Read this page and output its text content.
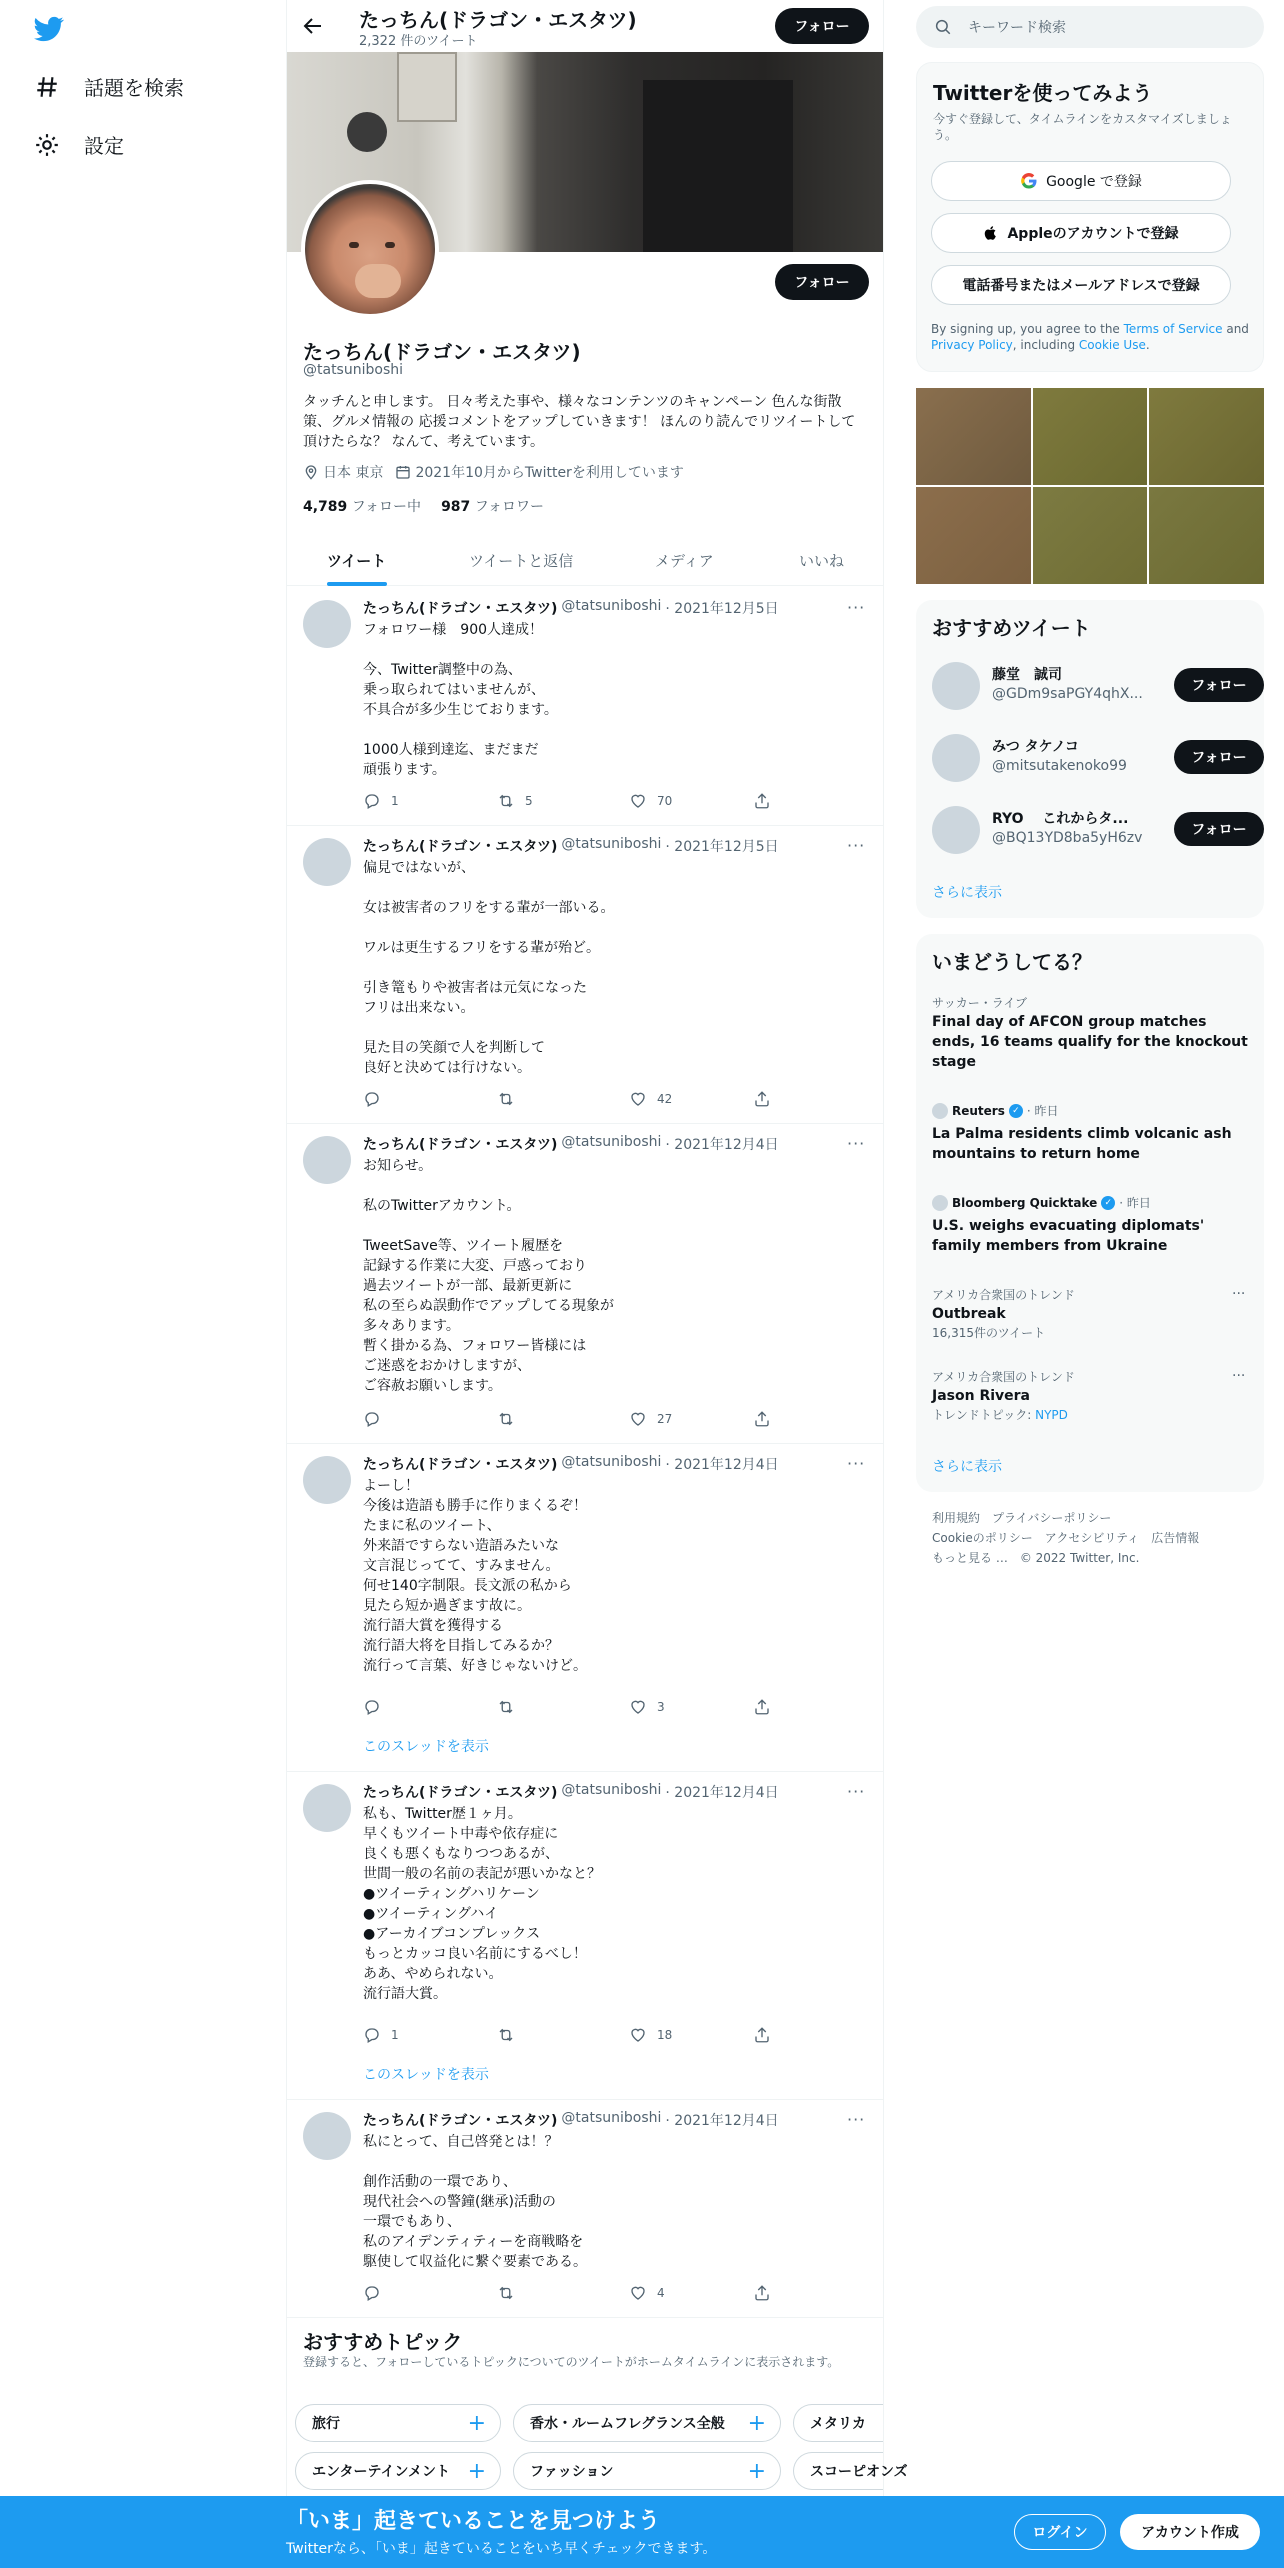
話題を検索
設定
たっちん(ドラゴン・エスタツ)
2,322 件のツイート
フォロー
フォロー
たっちん(ドラゴン・エスタツ)
@tatsuniboshi
タッチんと申します。 日々考えた事や、様々なコンテンツのキャンペーン 色んな街散策、グルメ情報の 応援コメントをアップしていきます！ ほんのり読んでリツイートして頂けたらな？ なんて、考えています。
日本 東京 2021年10月からTwitterを利用しています
4,789 フォロー中 987 フォロワー
ツイート	ツイートと返信	メディア	いいね
たっちん(ドラゴン・エスタツ) @tatsuniboshi · 2021年12月5日	···
フォロワー様　900人達成！

今、Twitter調整中の為、
乗っ取られてはいませんが、
不具合が多少生じております。

1000人様到達迄、まだまだ
頑張ります。
1	5	70
たっちん(ドラゴン・エスタツ) @tatsuniboshi · 2021年12月5日	···
偏見ではないが、

女は被害者のフリをする輩が一部いる。

ワルは更生するフリをする輩が殆ど。

引き篭もりや被害者は元気になった
フリは出来ない。

見た目の笑顔で人を判断して
良好と決めては行けない。
42
たっちん(ドラゴン・エスタツ) @tatsuniboshi · 2021年12月4日	···
お知らせ。

私のTwitterアカウント。

TweetSave等、ツイート履歴を
記録する作業に大変、戸惑っており
過去ツイートが一部、最新更新に
私の至らぬ誤動作でアップしてる現象が
多々あります。
暫く掛かる為、フォロワー皆様には
ご迷惑をおかけしますが、
ご容赦お願いします。
27
たっちん(ドラゴン・エスタツ) @tatsuniboshi · 2021年12月4日	···
よーし！
今後は造語も勝手に作りまくるぞ！
たまに私のツイート、
外来語ですらない造語みたいな
文言混じってて、すみません。
何せ140字制限。長文派の私から
見たら短か過ぎます故に。
流行語大賞を獲得する
流行語大将を目指してみるか？
流行って言葉、好きじゃないけど。
3
このスレッドを表示
たっちん(ドラゴン・エスタツ) @tatsuniboshi · 2021年12月4日	···
私も、Twitter歴１ヶ月。
早くもツイート中毒や依存症に
良くも悪くもなりつつあるが、
世間一般の名前の表記が悪いかなと？
●ツイーティングハリケーン
●ツイーティングハイ
●アーカイブコンプレックス
もっとカッコ良い名前にするべし！
ああ、やめられない。
流行語大賞。
1	18
このスレッドを表示
たっちん(ドラゴン・エスタツ) @tatsuniboshi · 2021年12月4日	···
私にとって、自己啓発とは！？

創作活動の一環であり、
現代社会への警鐘(継承)活動の
一環でもあり、
私のアイデンティティーを商戦略を
駆使して収益化に繋ぐ要素である。
4
おすすめトピック
登録すると、フォローしているトピックについてのツイートがホームタイムラインに表示されます。
旅行	+	香水・ルームフレグランス全般 +	メタリカ
エンターテインメント +	ファッション	+	スコーピオンズ
キーワード検索
Twitterを使ってみよう
今すぐ登録して、タイムラインをカスタマイズしましょう。
Google で登録
Appleのアカウントで登録
電話番号またはメールアドレスで登録
By signing up, you agree to the Terms of Service and Privacy Policy, including Cookie Use.
おすすめツイート
藤堂　誠司
@GDm9saPGY4qhX...	フォロー
みつ タケノコ
@mitsutakenoko99	フォロー
RYO　 これからタ...
@BQ13YD8ba5yH6zv	フォロー
さらに表示
いまどうしてる？
サッカー・ライブ
Final day of AFCON group matches ends, 16 teams qualify for the knockout stage
Reuters ✓ · 昨日
La Palma residents climb volcanic ash mountains to return home
Bloomberg Quicktake ✓ · 昨日
U.S. weighs evacuating diplomats' family members from Ukraine
アメリカ合衆国のトレンド
Outbreak
16,315件のツイート
···
アメリカ合衆国のトレンド
Jason Rivera
トレンドトピック: NYPD
···
さらに表示
利用規約 プライバシーポリシー
Cookieのポリシー アクセシビリティ 広告情報
もっと見る … © 2022 Twitter, Inc.
「いま」起きていることを見つけよう
Twitterなら、「いま」起きていることをいち早くチェックできます。
ログイン	アカウント作成
